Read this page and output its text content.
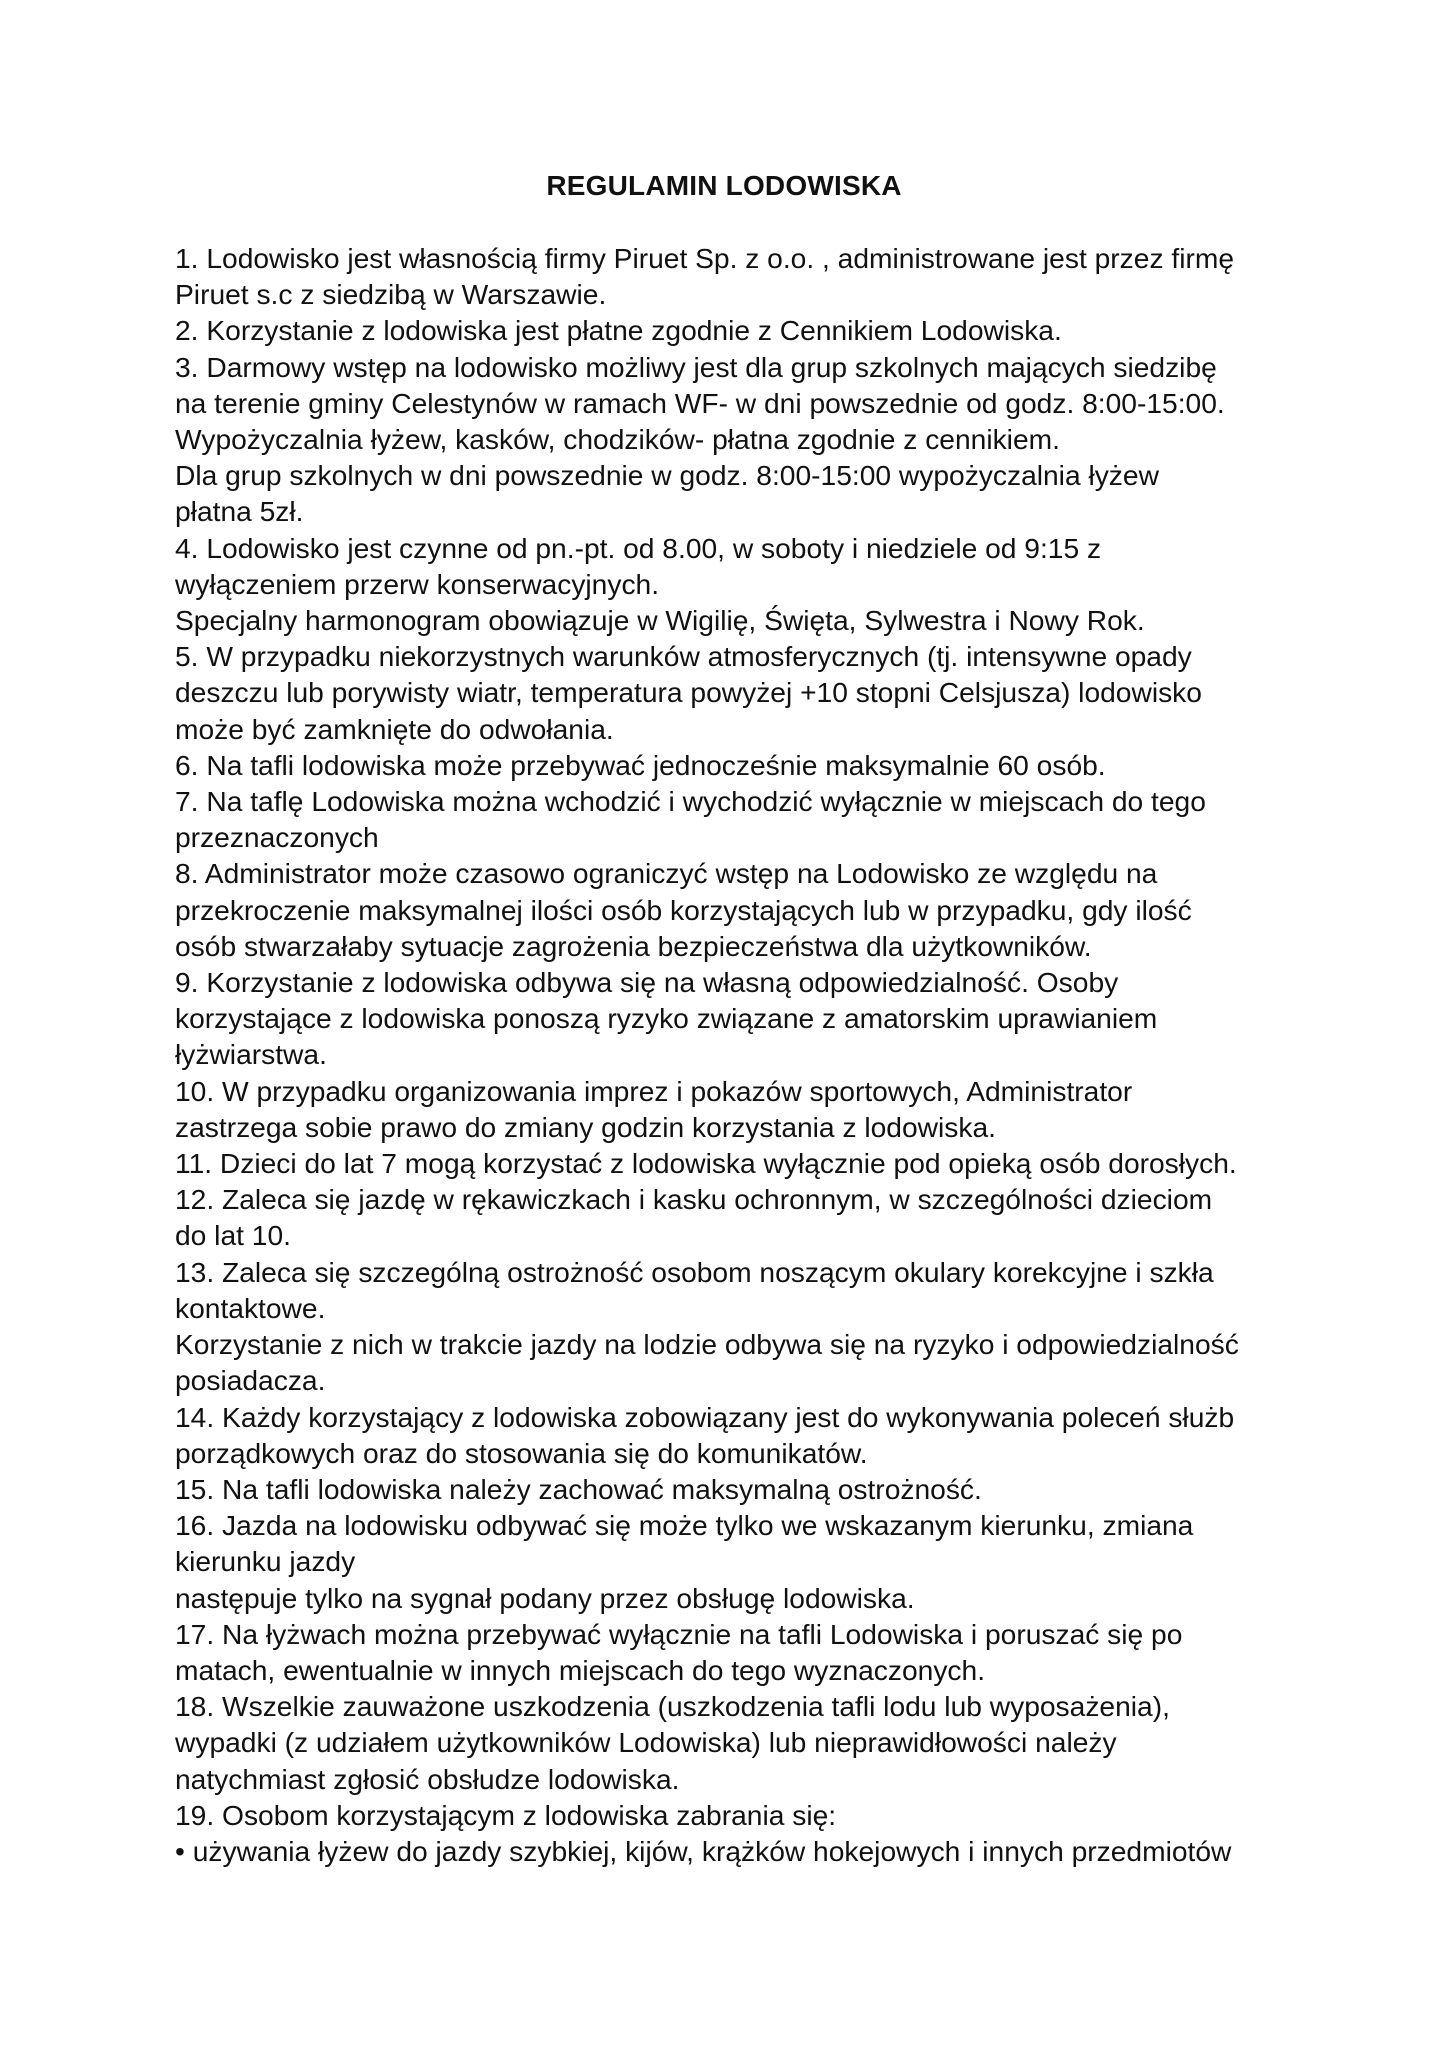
REGULAMIN LODOWISKA
1. Lodowisko jest własnością firmy Piruet Sp. z o.o. , administrowane jest przez firmę
Piruet s.c z siedzibą w Warszawie.
2. Korzystanie z lodowiska jest płatne zgodnie z Cennikiem Lodowiska.
3. Darmowy wstęp na lodowisko możliwy jest dla grup szkolnych mających siedzibę
na terenie gminy Celestynów w ramach WF- w dni powszednie od godz. 8:00-15:00.
Wypożyczalnia łyżew, kasków, chodzików- płatna zgodnie z cennikiem.
Dla grup szkolnych w dni powszednie w godz. 8:00-15:00 wypożyczalnia łyżew
płatna 5zł.
4. Lodowisko jest czynne od pn.-pt. od 8.00, w soboty i niedziele od 9:15 z
wyłączeniem przerw konserwacyjnych.
Specjalny harmonogram obowiązuje w Wigilię, Święta, Sylwestra i Nowy Rok.
5. W przypadku niekorzystnych warunków atmosferycznych (tj. intensywne opady
deszczu lub porywisty wiatr, temperatura powyżej +10 stopni Celsjusza) lodowisko
może być zamknięte do odwołania.
6. Na tafli lodowiska może przebywać jednocześnie maksymalnie 60 osób.
7. Na taflę Lodowiska można wchodzić i wychodzić wyłącznie w miejscach do tego
przeznaczonych
8. Administrator może czasowo ograniczyć wstęp na Lodowisko ze względu na
przekroczenie maksymalnej ilości osób korzystających lub w przypadku, gdy ilość
osób stwarzałaby sytuacje zagrożenia bezpieczeństwa dla użytkowników.
9. Korzystanie z lodowiska odbywa się na własną odpowiedzialność. Osoby
korzystające z lodowiska ponoszą ryzyko związane z amatorskim uprawianiem
łyżwiarstwa.
10. W przypadku organizowania imprez i pokazów sportowych, Administrator
zastrzega sobie prawo do zmiany godzin korzystania z lodowiska.
11. Dzieci do lat 7 mogą korzystać z lodowiska wyłącznie pod opieką osób dorosłych.
12. Zaleca się jazdę w rękawiczkach i kasku ochronnym, w szczególności dzieciom
do lat 10.
13. Zaleca się szczególną ostrożność osobom noszącym okulary korekcyjne i szkła
kontaktowe.
Korzystanie z nich w trakcie jazdy na lodzie odbywa się na ryzyko i odpowiedzialność
posiadacza.
14. Każdy korzystający z lodowiska zobowiązany jest do wykonywania poleceń służb
porządkowych oraz do stosowania się do komunikatów.
15. Na tafli lodowiska należy zachować maksymalną ostrożność.
16. Jazda na lodowisku odbywać się może tylko we wskazanym kierunku, zmiana
kierunku jazdy
następuje tylko na sygnał podany przez obsługę lodowiska.
17. Na łyżwach można przebywać wyłącznie na tafli Lodowiska i poruszać się po
matach, ewentualnie w innych miejscach do tego wyznaczonych.
18. Wszelkie zauważone uszkodzenia (uszkodzenia tafli lodu lub wyposażenia),
wypadki (z udziałem użytkowników Lodowiska) lub nieprawidłowości należy
natychmiast zgłosić obsłudze lodowiska.
19. Osobom korzystającym z lodowiska zabrania się:
• używania łyżew do jazdy szybkiej, kijów, krążków hokejowych i innych przedmiotów
